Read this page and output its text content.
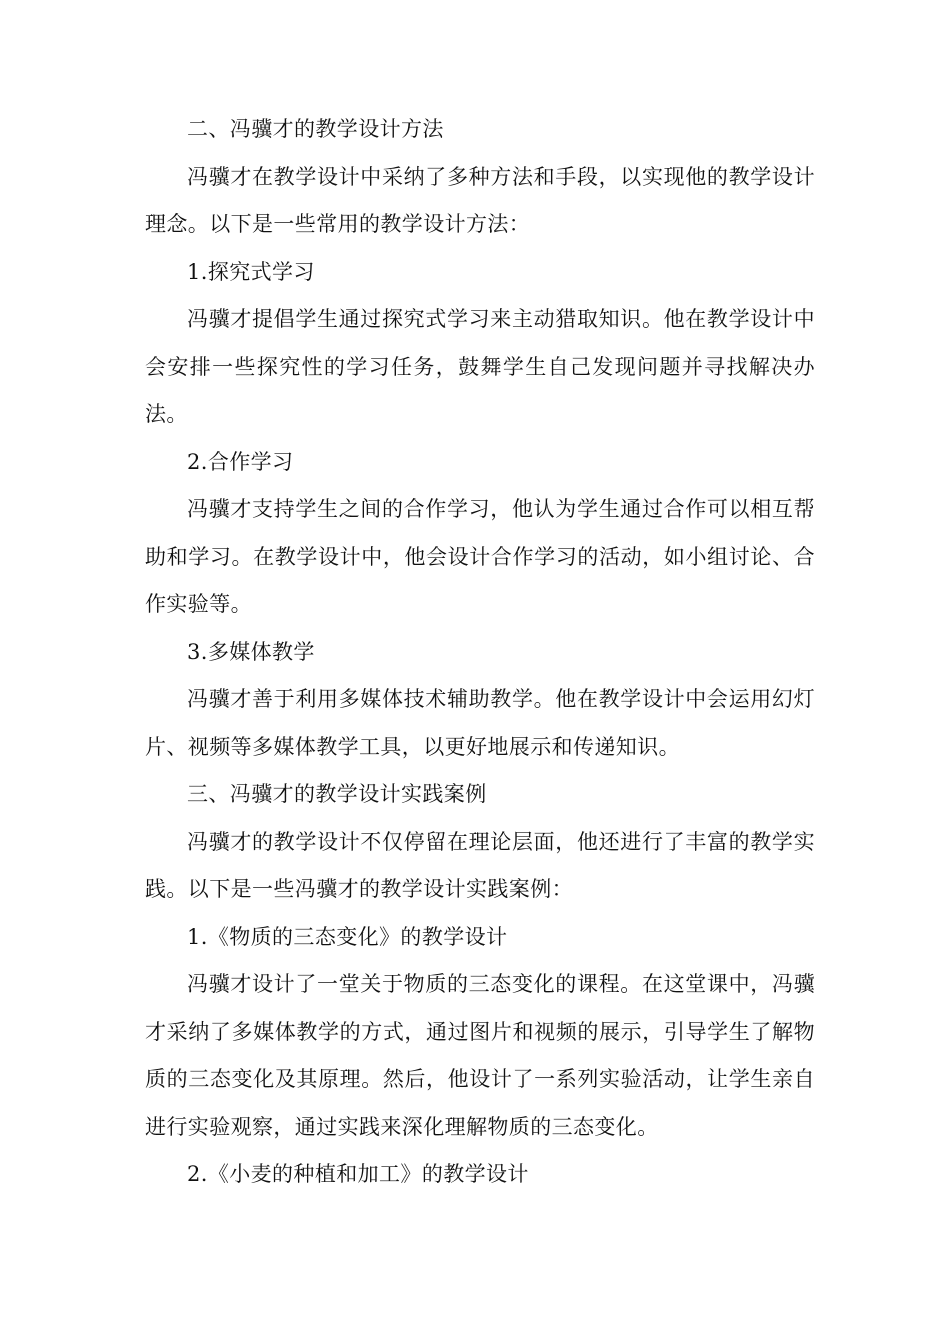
二、冯骥才的教学设计方法

冯骥才在教学设计中采纳了多种方法和手段，以实现他的教学设计理念。以下是一些常用的教学设计方法：

1.探究式学习

冯骥才提倡学生通过探究式学习来主动猎取知识。他在教学设计中会安排一些探究性的学习任务，鼓舞学生自己发现问题并寻找解决办法。

2.合作学习

冯骥才支持学生之间的合作学习，他认为学生通过合作可以相互帮助和学习。在教学设计中，他会设计合作学习的活动，如小组讨论、合作实验等。

3.多媒体教学

冯骥才善于利用多媒体技术辅助教学。他在教学设计中会运用幻灯片、视频等多媒体教学工具，以更好地展示和传递知识。

三、冯骥才的教学设计实践案例

冯骥才的教学设计不仅停留在理论层面，他还进行了丰富的教学实践。以下是一些冯骥才的教学设计实践案例：

1.《物质的三态变化》的教学设计

冯骥才设计了一堂关于物质的三态变化的课程。在这堂课中，冯骥才采纳了多媒体教学的方式，通过图片和视频的展示，引导学生了解物质的三态变化及其原理。然后，他设计了一系列实验活动，让学生亲自进行实验观察，通过实践来深化理解物质的三态变化。

2.《小麦的种植和加工》的教学设计
